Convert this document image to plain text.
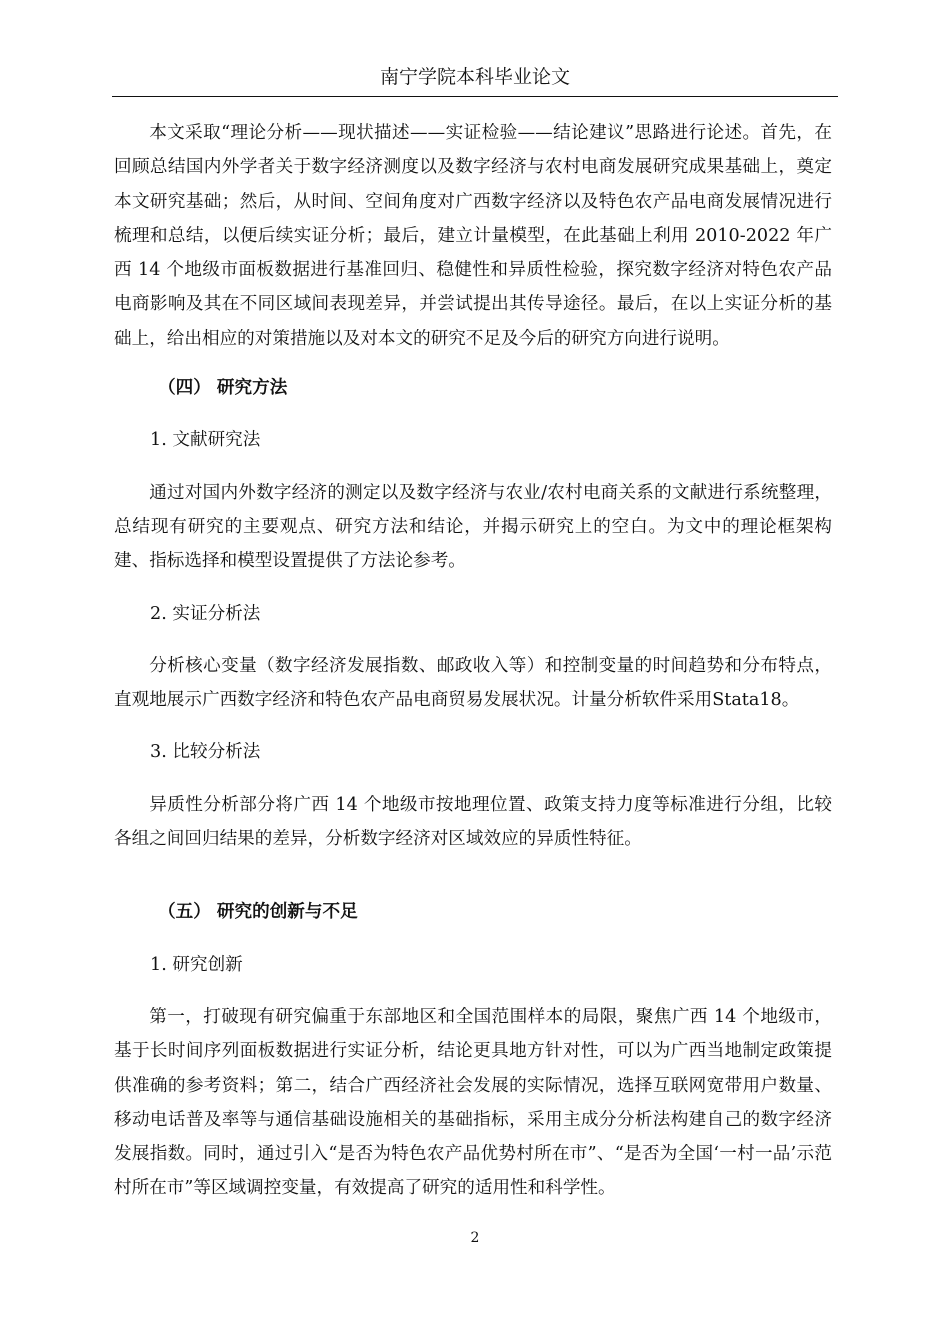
南宁学院本科毕业论文

本文采取“理论分析——现状描述——实证检验——结论建议”思路进行论述。首先，在回顾总结国内外学者关于数字经济测度以及数字经济与农村电商发展研究成果基础上，奠定本文研究基础；然后，从时间、空间角度对广西数字经济以及特色农产品电商发展情况进行梳理和总结，以便后续实证分析；最后，建立计量模型，在此基础上利用 2010-2022 年广西 14 个地级市面板数据进行基准回归、稳健性和异质性检验，探究数字经济对特色农产品电商影响及其在不同区域间表现差异，并尝试提出其传导途径。最后，在以上实证分析的基础上，给出相应的对策措施以及对本文的研究不足及今后的研究方向进行说明。

（四） 研究方法
1. 文献研究法

通过对国内外数字经济的测定以及数字经济与农业/农村电商关系的文献进行系统整理，总结现有研究的主要观点、研究方法和结论，并揭示研究上的空白。为文中的理论框架构建、指标选择和模型设置提供了方法论参考。

2. 实证分析法

分析核心变量（数字经济发展指数、邮政收入等）和控制变量的时间趋势和分布特点，直观地展示广西数字经济和特色农产品电商贸易发展状况。计量分析软件采用Stata18。

3. 比较分析法

异质性分析部分将广西 14 个地级市按地理位置、政策支持力度等标准进行分组，比较各组之间回归结果的差异，分析数字经济对区域效应的异质性特征。

（五） 研究的创新与不足
1. 研究创新

第一，打破现有研究偏重于东部地区和全国范围样本的局限，聚焦广西 14 个地级市，基于长时间序列面板数据进行实证分析，结论更具地方针对性，可以为广西当地制定政策提供准确的参考资料；第二，结合广西经济社会发展的实际情况，选择互联网宽带用户数量、移动电话普及率等与通信基础设施相关的基础指标，采用主成分分析法构建自己的数字经济发展指数。同时，通过引入“是否为特色农产品优势村所在市”、“是否为全国‘一村一品’示范村所在市”等区域调控变量，有效提高了研究的适用性和科学性。

2
